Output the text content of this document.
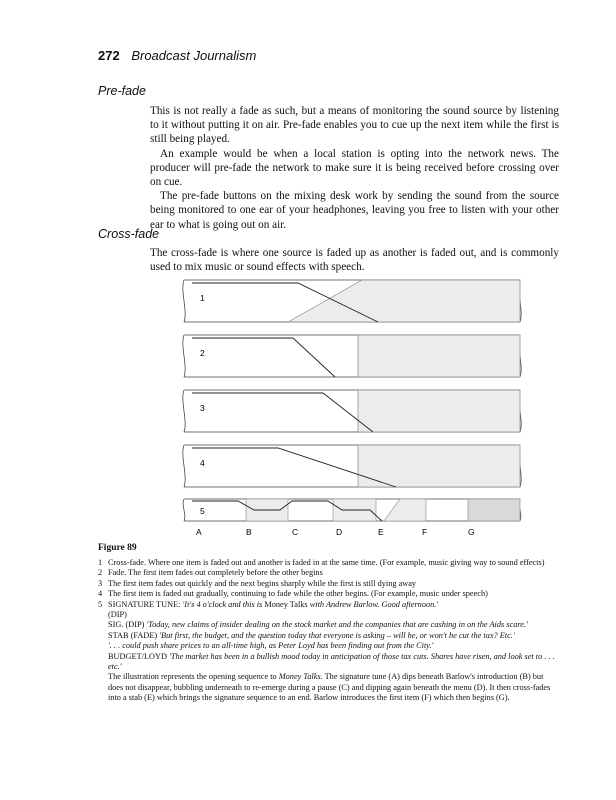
272 Broadcast Journalism
Pre-fade
This is not really a fade as such, but a means of monitoring the sound source by listening to it without putting it on air. Pre-fade enables you to cue up the next item while the first is still being played.
An example would be when a local station is opting into the network news. The producer will pre-fade the network to make sure it is being received before crossing over on cue.
The pre-fade buttons on the mixing desk work by sending the sound from the source being monitored to one ear of your headphones, leaving you free to listen with your other ear to what is going out on air.
Cross-fade
The cross-fade is where one source is faded up as another is faded out, and is commonly used to mix music or sound effects with speech.
1
2
3
4
5
A	B	C	D	E	F	G
Figure 89
1 Cross-fade. Where one item is faded out and another is faded in at the same time. (For example, music giving way to sound effects)
2 Fade. The first item fades out completely before the other begins
3 The first item fades out quickly and the next begins sharply while the first is still dying away
4 The first item is faded out gradually, continuing to fade while the other begins. (For example, music under speech)
5 SIGNATURE TUNE: 'It's 4 o'clock and this is Money Talks with Andrew Barlow. Good afternoon.'
(DIP)
SIG. (DIP) 'Today, new claims of insider dealing on the stock market and the companies that are cashing in on the Aids scare.'
STAB (FADE) 'But first, the budget, and the question today that everyone is asking – will he, or won't he cut the tax? Etc.'
'. . . could push share prices to an all-time high, as Peter Loyd has been finding out from the City.'
BUDGET/LOYD 'The market has been in a bullish mood today in anticipation of those tax cuts. Shares have risen, and look set to . . . etc.'
The illustration represents the opening sequence to Money Talks. The signature tune (A) dips beneath Barlow's introduction (B) but does not disappear, bubbling underneath to re-emerge during a pause (C) and dipping again beneath the menu (D). It then cross-fades into a stab (E) which brings the signature sequence to an end. Barlow introduces the first item (F) which then begins (G).
